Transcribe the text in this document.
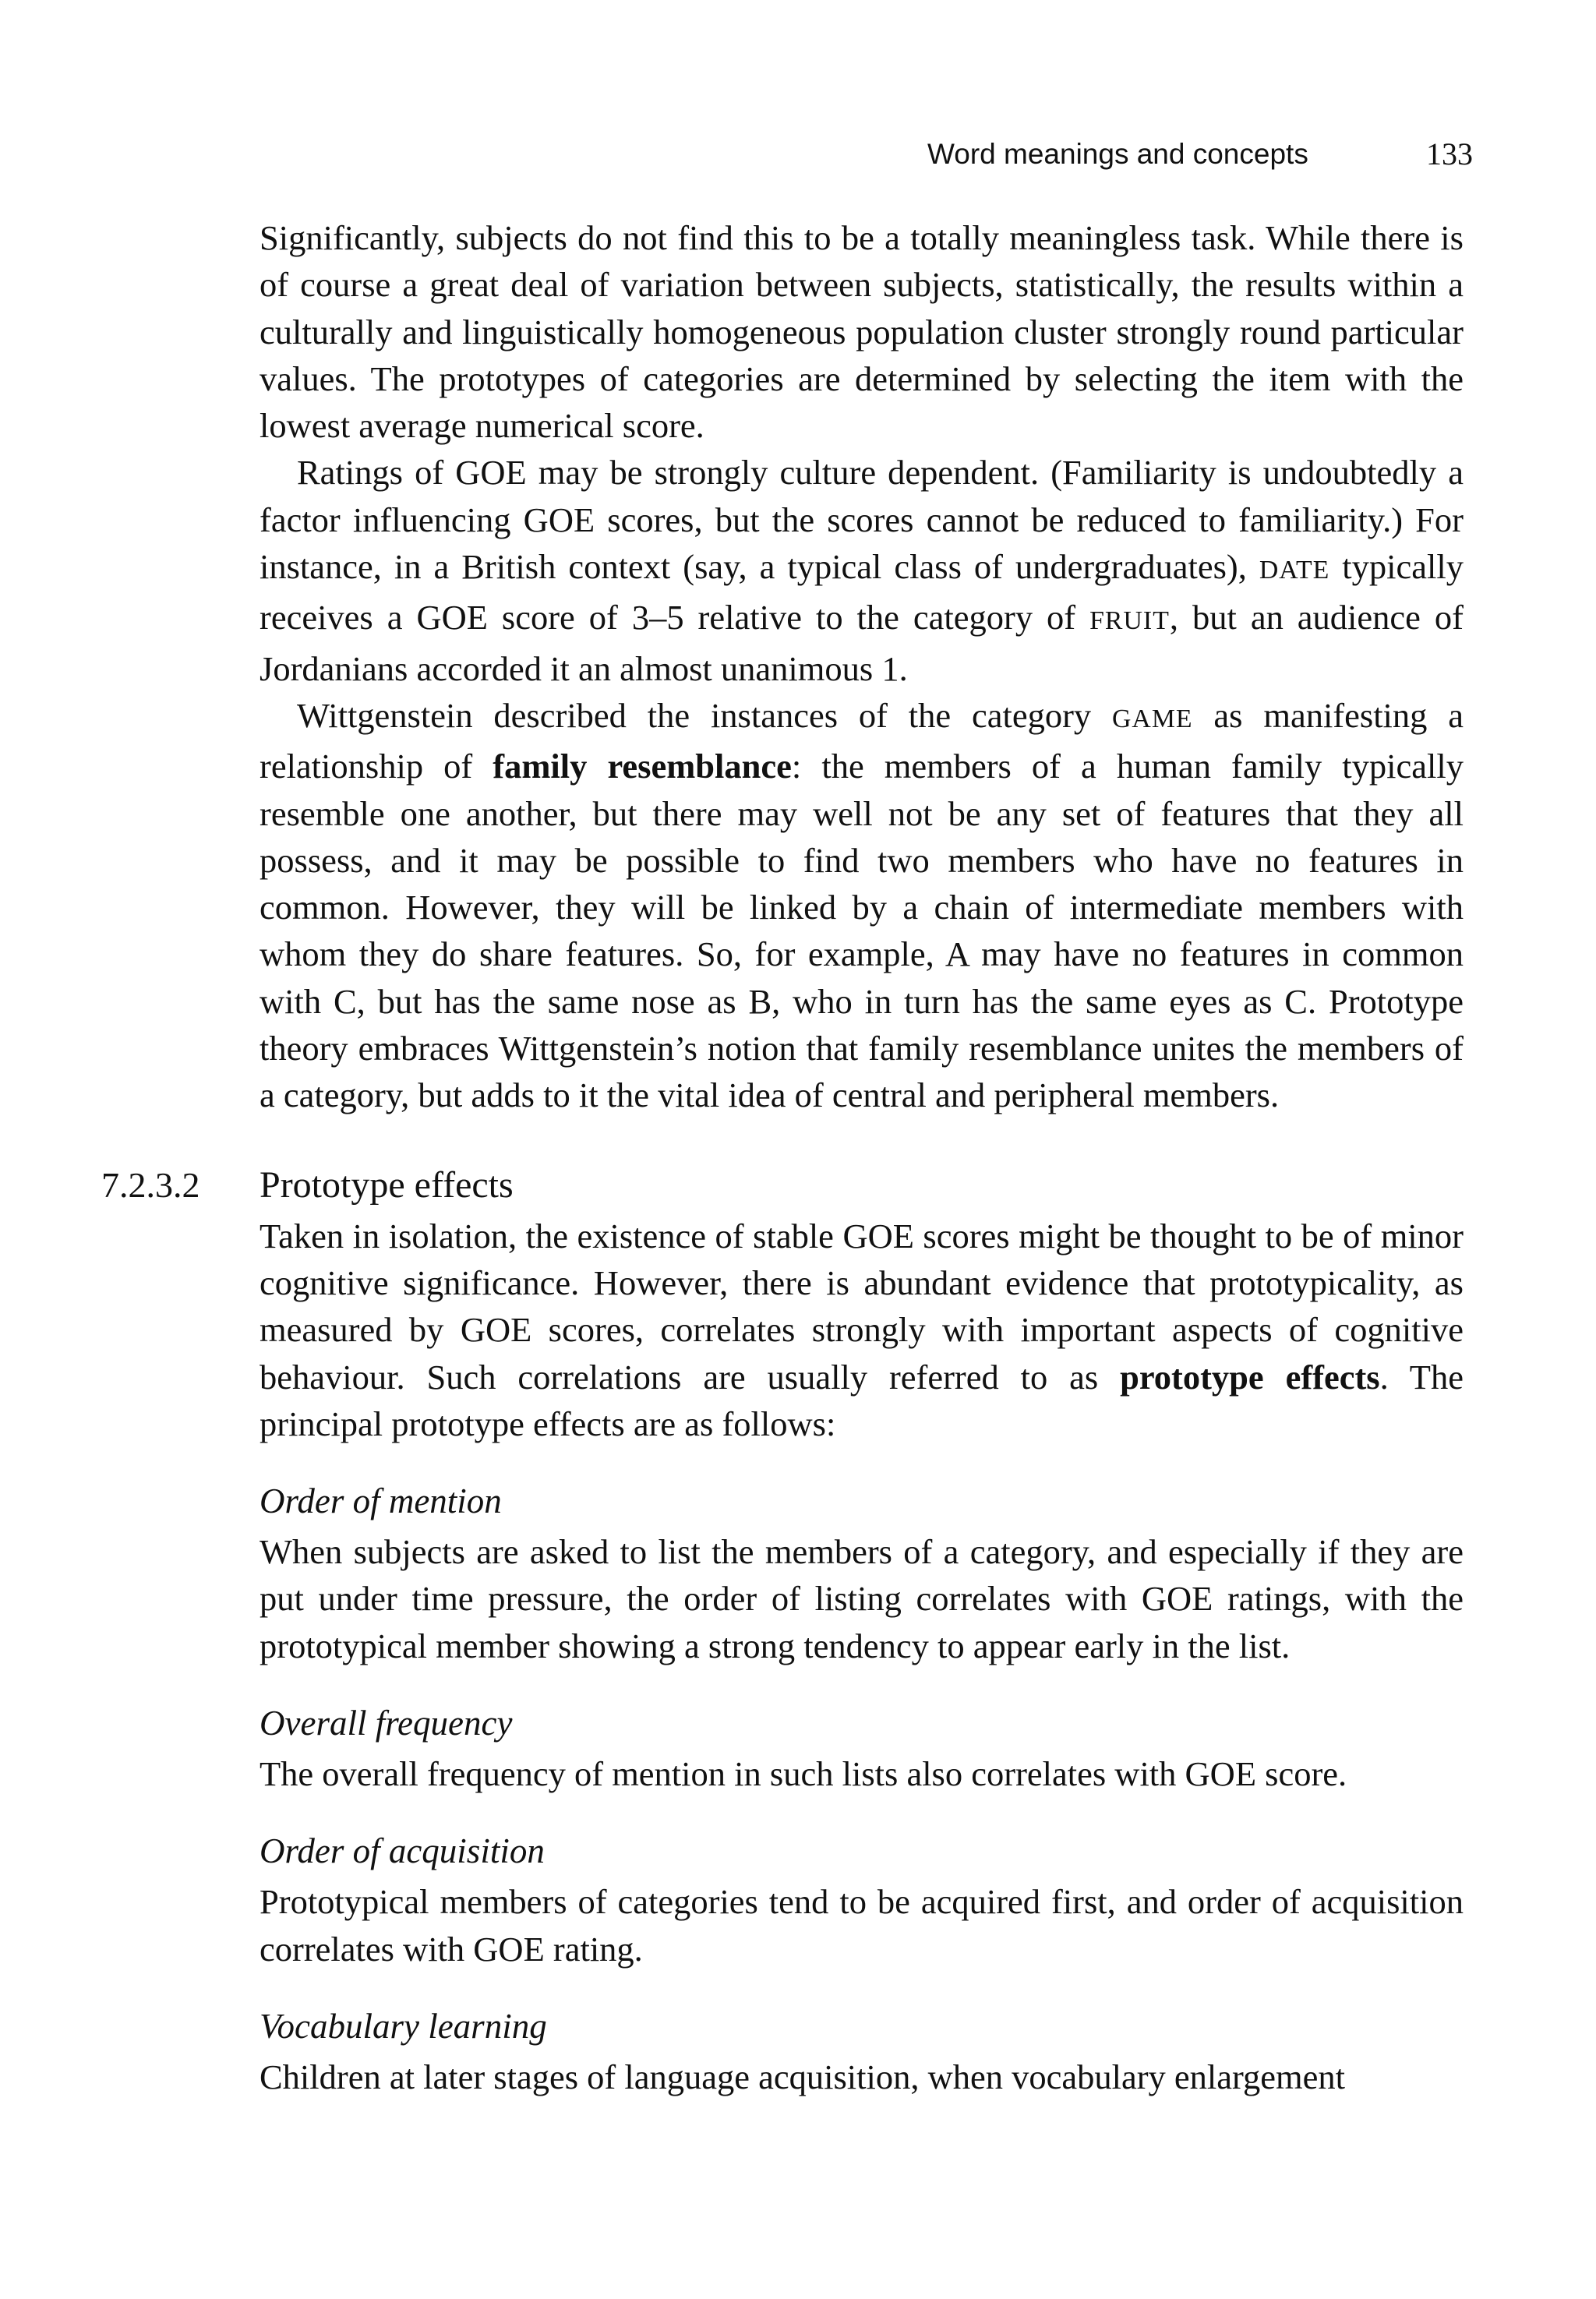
Word meanings and concepts	133

Significantly, subjects do not find this to be a totally meaningless task. While there is of course a great deal of variation between subjects, statistically, the results within a culturally and linguistically homogeneous population cluster strongly round particular values. The prototypes of categories are determined by selecting the item with the lowest average numerical score.

Ratings of GOE may be strongly culture dependent. (Familiarity is undoubtedly a factor influencing GOE scores, but the scores cannot be reduced to familiarity.) For instance, in a British context (say, a typical class of undergraduates), DATE typically receives a GOE score of 3–5 relative to the category of FRUIT, but an audience of Jordanians accorded it an almost unanimous 1.

Wittgenstein described the instances of the category GAME as manifesting a relationship of family resemblance: the members of a human family typically resemble one another, but there may well not be any set of features that they all possess, and it may be possible to find two members who have no features in common. However, they will be linked by a chain of intermediate members with whom they do share features. So, for example, A may have no features in common with C, but has the same nose as B, who in turn has the same eyes as C. Prototype theory embraces Wittgenstein’s notion that family resemblance unites the members of a category, but adds to it the vital idea of central and peripheral members.

7.2.3.2 Prototype effects

Taken in isolation, the existence of stable GOE scores might be thought to be of minor cognitive significance. However, there is abundant evidence that prototypicality, as measured by GOE scores, correlates strongly with important aspects of cognitive behaviour. Such correlations are usually referred to as prototype effects. The principal prototype effects are as follows:

Order of mention

When subjects are asked to list the members of a category, and especially if they are put under time pressure, the order of listing correlates with GOE ratings, with the prototypical member showing a strong tendency to appear early in the list.

Overall frequency

The overall frequency of mention in such lists also correlates with GOE score.

Order of acquisition

Prototypical members of categories tend to be acquired first, and order of acquisition correlates with GOE rating.

Vocabulary learning

Children at later stages of language acquisition, when vocabulary enlargement
